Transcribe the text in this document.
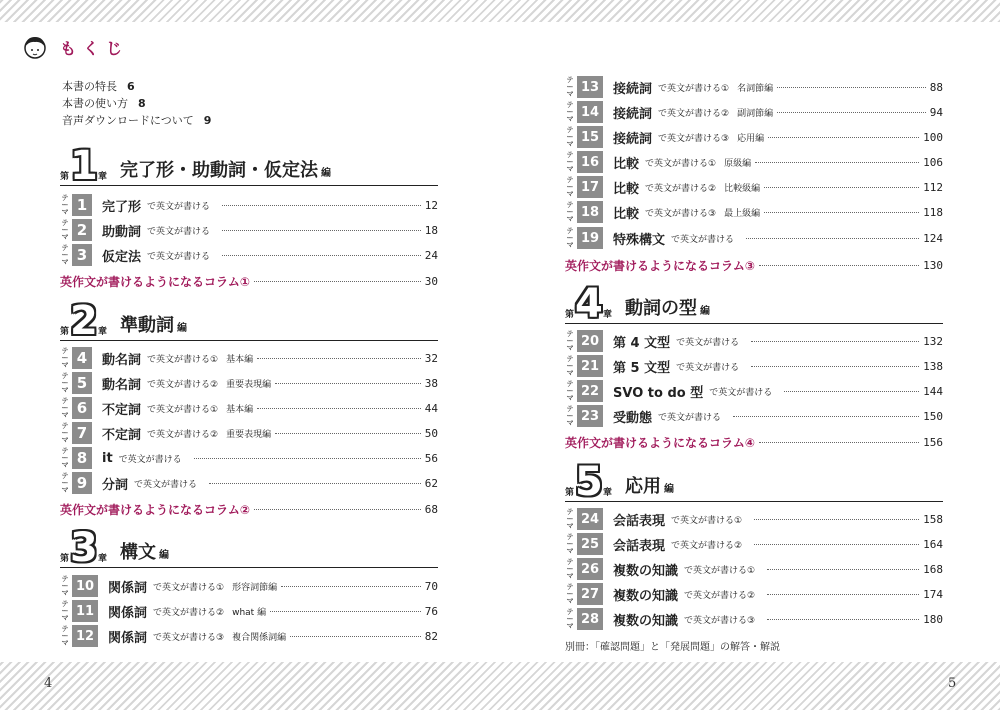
4	5
もくじ
本書の特長 6
本書の使い方 8
音声ダウンロードについて 9
第 1 章 完了形・助動詞・仮定法 編
テーマ 1	完了形 で英文が書ける	12
テーマ 2	助動詞 で英文が書ける	18
テーマ 3	仮定法 で英文が書ける	24
英作文が書けるようになるコラム①	30
第 2 章 準動詞 編
テーマ 4	動名詞 で英文が書ける① 基本編	32
テーマ 5	動名詞 で英文が書ける② 重要表現編	38
テーマ 6	不定詞 で英文が書ける① 基本編	44
テーマ 7	不定詞 で英文が書ける② 重要表現編	50
テーマ 8	it で英文が書ける	56
テーマ 9	分詞 で英文が書ける	62
英作文が書けるようになるコラム②	68
第 3 章 構文 編
テーマ 10	関係詞 で英文が書ける① 形容詞節編	70
テーマ 11	関係詞 で英文が書ける② what 編	76
テーマ 12	関係詞 で英文が書ける③ 複合関係詞編	82
テーマ 13	接続詞 で英文が書ける① 名詞節編	88
テーマ 14	接続詞 で英文が書ける② 副詞節編	94
テーマ 15	接続詞 で英文が書ける③ 応用編	100
テーマ 16	比較 で英文が書ける① 原級編	106
テーマ 17	比較 で英文が書ける② 比較級編	112
テーマ 18	比較 で英文が書ける③ 最上級編	118
テーマ 19	特殊構文 で英文が書ける	124
英作文が書けるようになるコラム③	130
第 4 章 動詞の型 編
テーマ 20	第 4 文型 で英文が書ける	132
テーマ 21	第 5 文型 で英文が書ける	138
テーマ 22	SVO to do 型 で英文が書ける	144
テーマ 23	受動態 で英文が書ける	150
英作文が書けるようになるコラム④	156
第 5 章 応用 編
テーマ 24	会話表現 で英文が書ける①	158
テーマ 25	会話表現 で英文が書ける②	164
テーマ 26	複数の知識 で英文が書ける①	168
テーマ 27	複数の知識 で英文が書ける②	174
テーマ 28	複数の知識 で英文が書ける③	180
別冊：「確認問題」と「発展問題」の解答・解説
